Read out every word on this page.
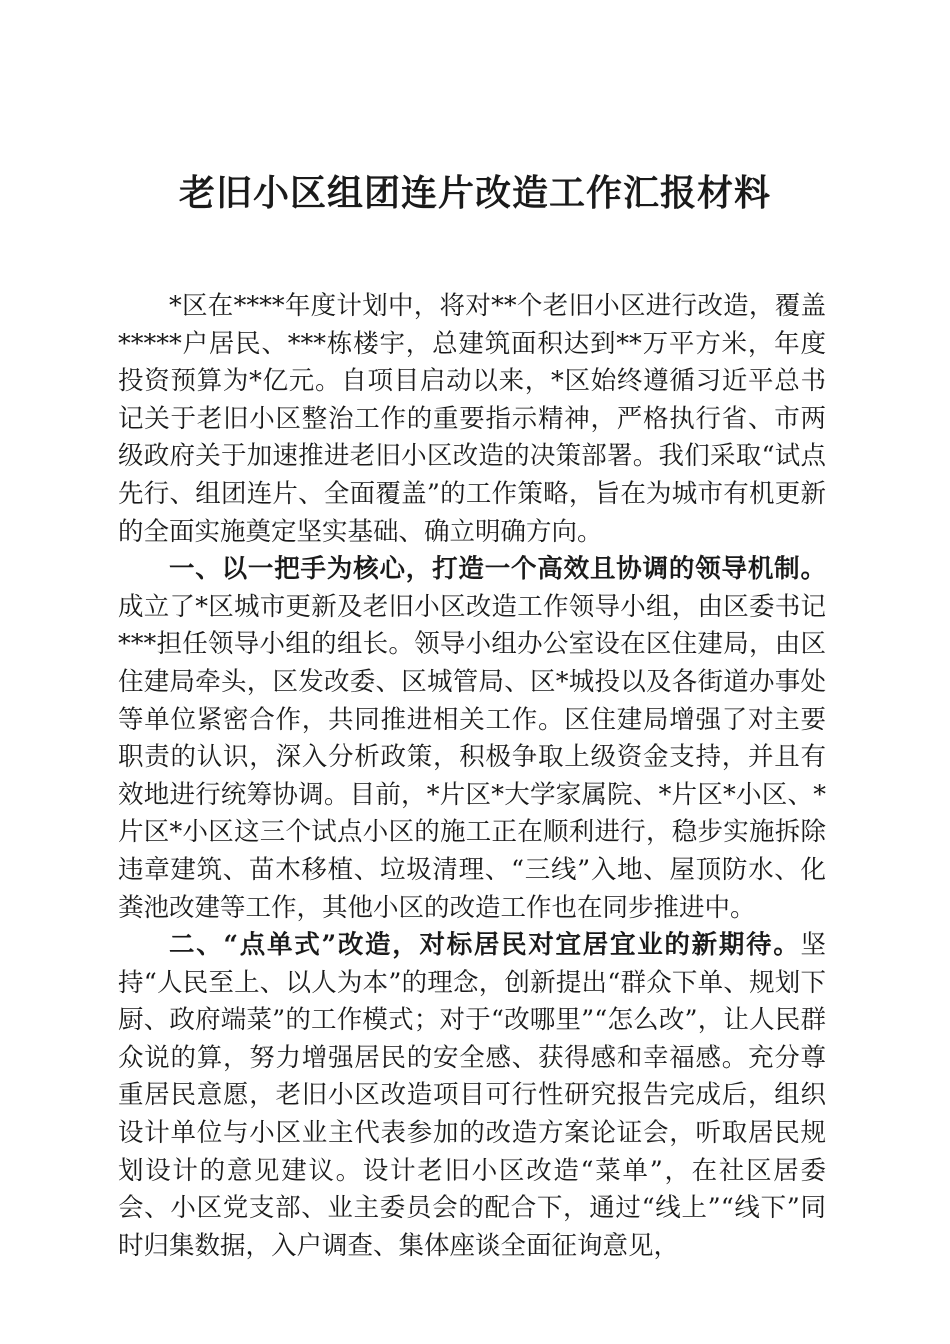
老旧小区组团连片改造工作汇报材料

*区在****年度计划中，将对**个老旧小区进行改造，覆盖*****户居民、***栋楼宇，总建筑面积达到**万平方米，年度投资预算为*亿元。自项目启动以来，*区始终遵循习近平总书记关于老旧小区整治工作的重要指示精神，严格执行省、市两级政府关于加速推进老旧小区改造的决策部署。我们采取“试点先行、组团连片、全面覆盖”的工作策略，旨在为城市有机更新的全面实施奠定坚实基础、确立明确方向。

一、以一把手为核心，打造一个高效且协调的领导机制。成立了*区城市更新及老旧小区改造工作领导小组，由区委书记***担任领导小组的组长。领导小组办公室设在区住建局，由区住建局牵头，区发改委、区城管局、区*城投以及各街道办事处等单位紧密合作，共同推进相关工作。区住建局增强了对主要职责的认识，深入分析政策，积极争取上级资金支持，并且有效地进行统筹协调。目前，*片区*大学家属院、*片区*小区、*片区*小区这三个试点小区的施工正在顺利进行，稳步实施拆除违章建筑、苗木移植、垃圾清理、“三线”入地、屋顶防水、化粪池改建等工作，其他小区的改造工作也在同步推进中。

二、“点单式”改造，对标居民对宜居宜业的新期待。坚持“人民至上、以人为本”的理念，创新提出“群众下单、规划下厨、政府端菜”的工作模式；对于“改哪里”“怎么改”，让人民群众说的算，努力增强居民的安全感、获得感和幸福感。充分尊重居民意愿，老旧小区改造项目可行性研究报告完成后，组织设计单位与小区业主代表参加的改造方案论证会，听取居民规划设计的意见建议。设计老旧小区改造“菜单”，在社区居委会、小区党支部、业主委员会的配合下，通过“线上”“线下”同时归集数据，入户调查、集体座谈全面征询意见，
